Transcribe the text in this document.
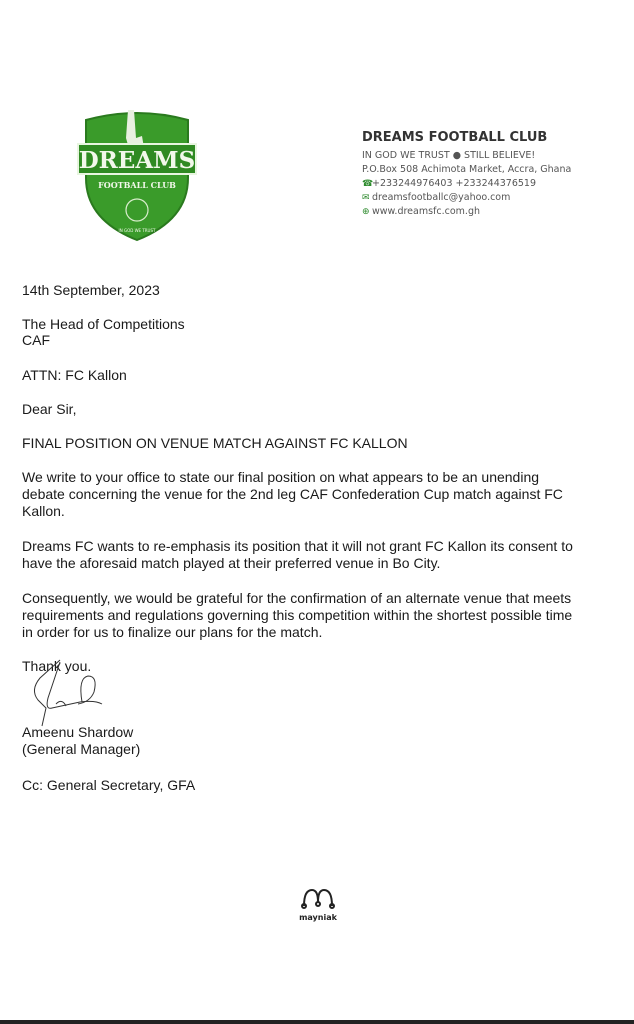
DREAMS
FOOTBALL CLUB
IN GOD WE TRUST
DREAMS FOOTBALL CLUB
IN GOD WE TRUST ● STILL BELIEVE!
P.O.Box 508 Achimota Market, Accra, Ghana
☎+233244976403 +233244376519
✉ dreamsfootballc@yahoo.com
⊕ www.dreamsfc.com.gh
14th September, 2023
The Head of Competitions
CAF
ATTN: FC Kallon
Dear Sir,
FINAL POSITION ON VENUE MATCH AGAINST FC KALLON
We write to your office to state our final position on what appears to be an unending
debate concerning the venue for the 2nd leg CAF Confederation Cup match against FC
Kallon.
Dreams FC wants to re-emphasis its position that it will not grant FC Kallon its consent to
have the aforesaid match played at their preferred venue in Bo City.
Consequently, we would be grateful for the confirmation of an alternate venue that meets
requirements and regulations governing this competition within the shortest possible time
in order for us to finalize our plans for the match.
Thank you.
Ameenu Shardow
(General Manager)
Cc: General Secretary, GFA
mayniak
